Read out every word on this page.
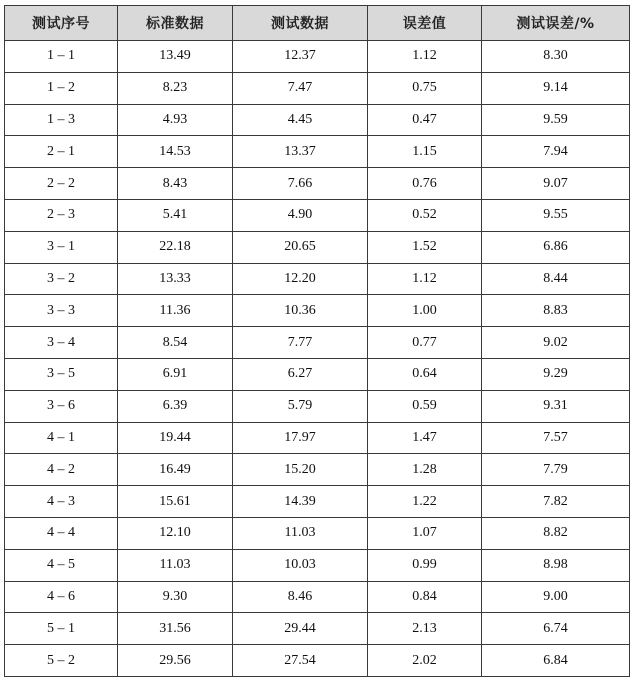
测试序号	标准数据	测试数据	误差值	测试误差/%
1 – 1	13.49	12.37	1.12	8.30
1 – 2	8.23	7.47	0.75	9.14
1 – 3	4.93	4.45	0.47	9.59
2 – 1	14.53	13.37	1.15	7.94
2 – 2	8.43	7.66	0.76	9.07
2 – 3	5.41	4.90	0.52	9.55
3 – 1	22.18	20.65	1.52	6.86
3 – 2	13.33	12.20	1.12	8.44
3 – 3	11.36	10.36	1.00	8.83
3 – 4	8.54	7.77	0.77	9.02
3 – 5	6.91	6.27	0.64	9.29
3 – 6	6.39	5.79	0.59	9.31
4 – 1	19.44	17.97	1.47	7.57
4 – 2	16.49	15.20	1.28	7.79
4 – 3	15.61	14.39	1.22	7.82
4 – 4	12.10	11.03	1.07	8.82
4 – 5	11.03	10.03	0.99	8.98
4 – 6	9.30	8.46	0.84	9.00
5 – 1	31.56	29.44	2.13	6.74
5 – 2	29.56	27.54	2.02	6.84
